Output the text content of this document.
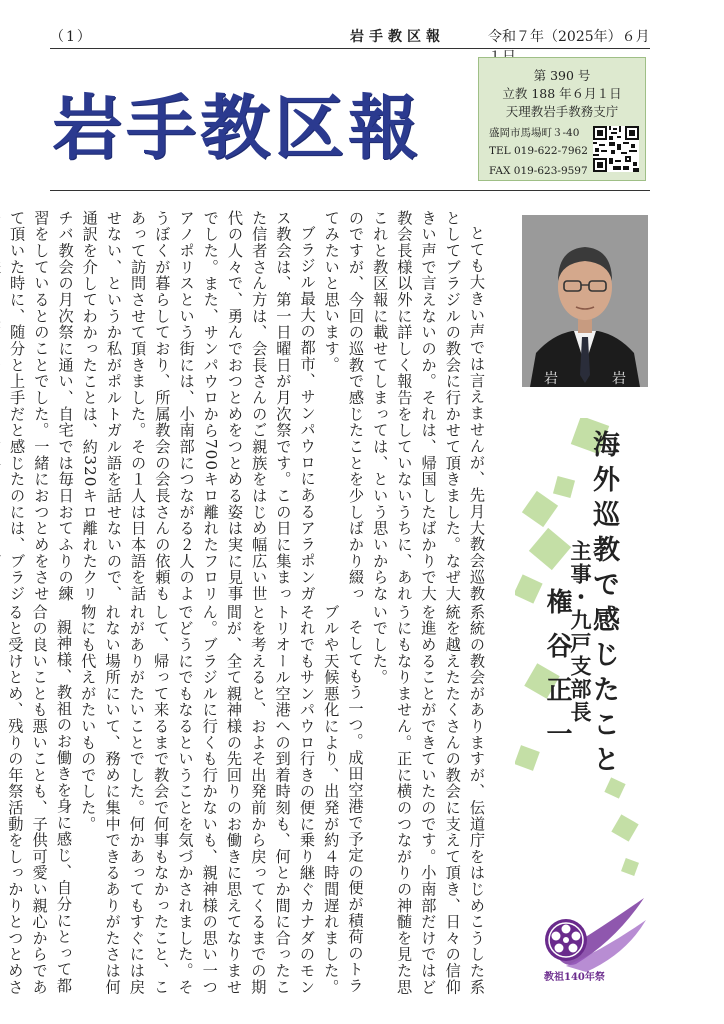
（1）	岩手教区報	令和７年（2025年）６月
岩手教区報
第 390 号
立教 188 年６月１日
天理教岩手教務支庁
盛岡市馬場町３-40
TEL 019-622-7962
FAX 019-623-9597
岩	岩
海外巡教で感じたこと
主事・九戸支部長権谷正一
とても大きい声では言えませんが、先月大教会巡教としてブラジルの教会に行かせて頂きました。なぜ大きい声で言えないのか。それは、帰国したばかりで大教会長様以外に詳しく報告をしていないうちに、あれこれと教区報に載せてしまっては、という思いからなのですが、今回の巡教で感じたことを少しばかり綴ってみたいと思います。
ブラジル最大の都市、サンパウロにあるアラポンガス教会は、第一日曜日が月次祭です。この日に集まった信者さん方は、会長さんのご親族をはじめ幅広い世代の人々で、勇んでおつとめをつとめる姿は実に見事でした。また、サンパウロから700キロ離れたフロリアノポリスという街には、小南部につながる２人のようぼくが暮らしており、所属教会の会長さんの依頼もあって訪問させて頂きました。その１人は日本語を話せない、というか私がポルトガル語を話せないので、通訳を介してわかったことは、約320キロ離れたクリチバ教会の月次祭に通い、自宅では毎日おてふりの練習をしているとのことでした。一緒におつとめをさせて頂いた時に、随分と上手だと感じたのには、ブラジ
系統の教会がありますが、伝道庁をはじめこうした系統を越えたたくさんの教会に支えて頂き、日々の信仰を進めることができていたのです。小南部だけではどうにもなりません。正に横のつながりの神髄を見た思いでした。
そしてもう一つ。成田空港で予定の便が積荷のトラブルや天候悪化により、出発が約４時間遅れました。それでもサンパウロ行きの便に乗り継ぐカナダのモントリオール空港への到着時刻も、何とか間に合ったことを考えると、およそ出発前から戻ってくるまでの期間が、全て親神様の先回りのお働きに思えてなりません。ブラジルに行くも行かないも、親神様の思い一つでどうにでもなるということを気づかされました。そして、帰って来るまで教会で何事もなかったこと、これがありがたいことでした。何かあってもすぐには戻れない場所にいて、務めに集中できるありがたさは何物にも代えがたいものでした。
親神様、教祖のお働きを身に感じ、自分にとって都合の良いことも悪いことも、子供可愛い親心からであると受けとめ、残りの年祭活動をしっかりとつとめさ
教祖140年祭
